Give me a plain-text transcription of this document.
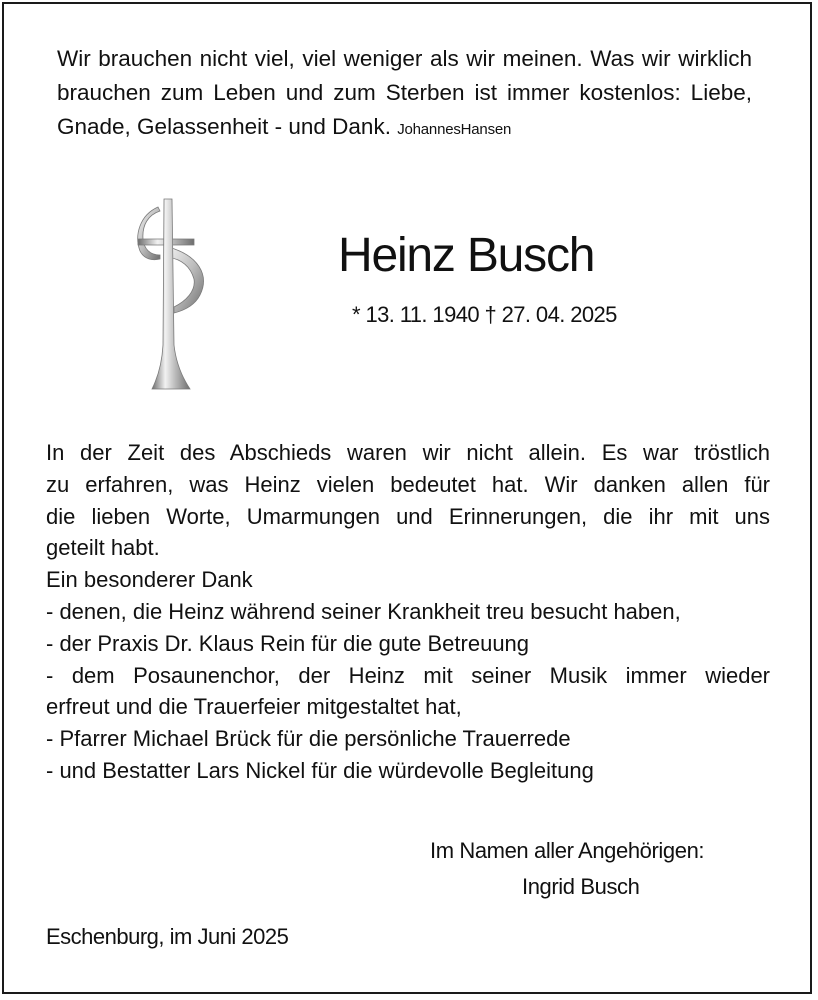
Wir brauchen nicht viel, viel weniger als wir meinen. Was wir wirklich brauchen zum Leben und zum Sterben ist immer kostenlos: Liebe, Gnade, Gelassenheit - und Dank. JohannesHansen
Heinz Busch
* 13. 11. 1940 † 27. 04. 2025
In der Zeit des Abschieds waren wir nicht allein. Es war tröstlich
zu erfahren, was Heinz vielen bedeutet hat. Wir danken allen für
die lieben Worte, Umarmungen und Erinnerungen, die ihr mit uns
geteilt habt.
Ein besonderer Dank
- denen, die Heinz während seiner Krankheit treu besucht haben,
- der Praxis Dr. Klaus Rein für die gute Betreuung
- dem Posaunenchor, der Heinz mit seiner Musik immer wieder
erfreut und die Trauerfeier mitgestaltet hat,
- Pfarrer Michael Brück für die persönliche Trauerrede
- und Bestatter Lars Nickel für die würdevolle Begleitung
Im Namen aller Angehörigen:
Ingrid Busch
Eschenburg, im Juni 2025
